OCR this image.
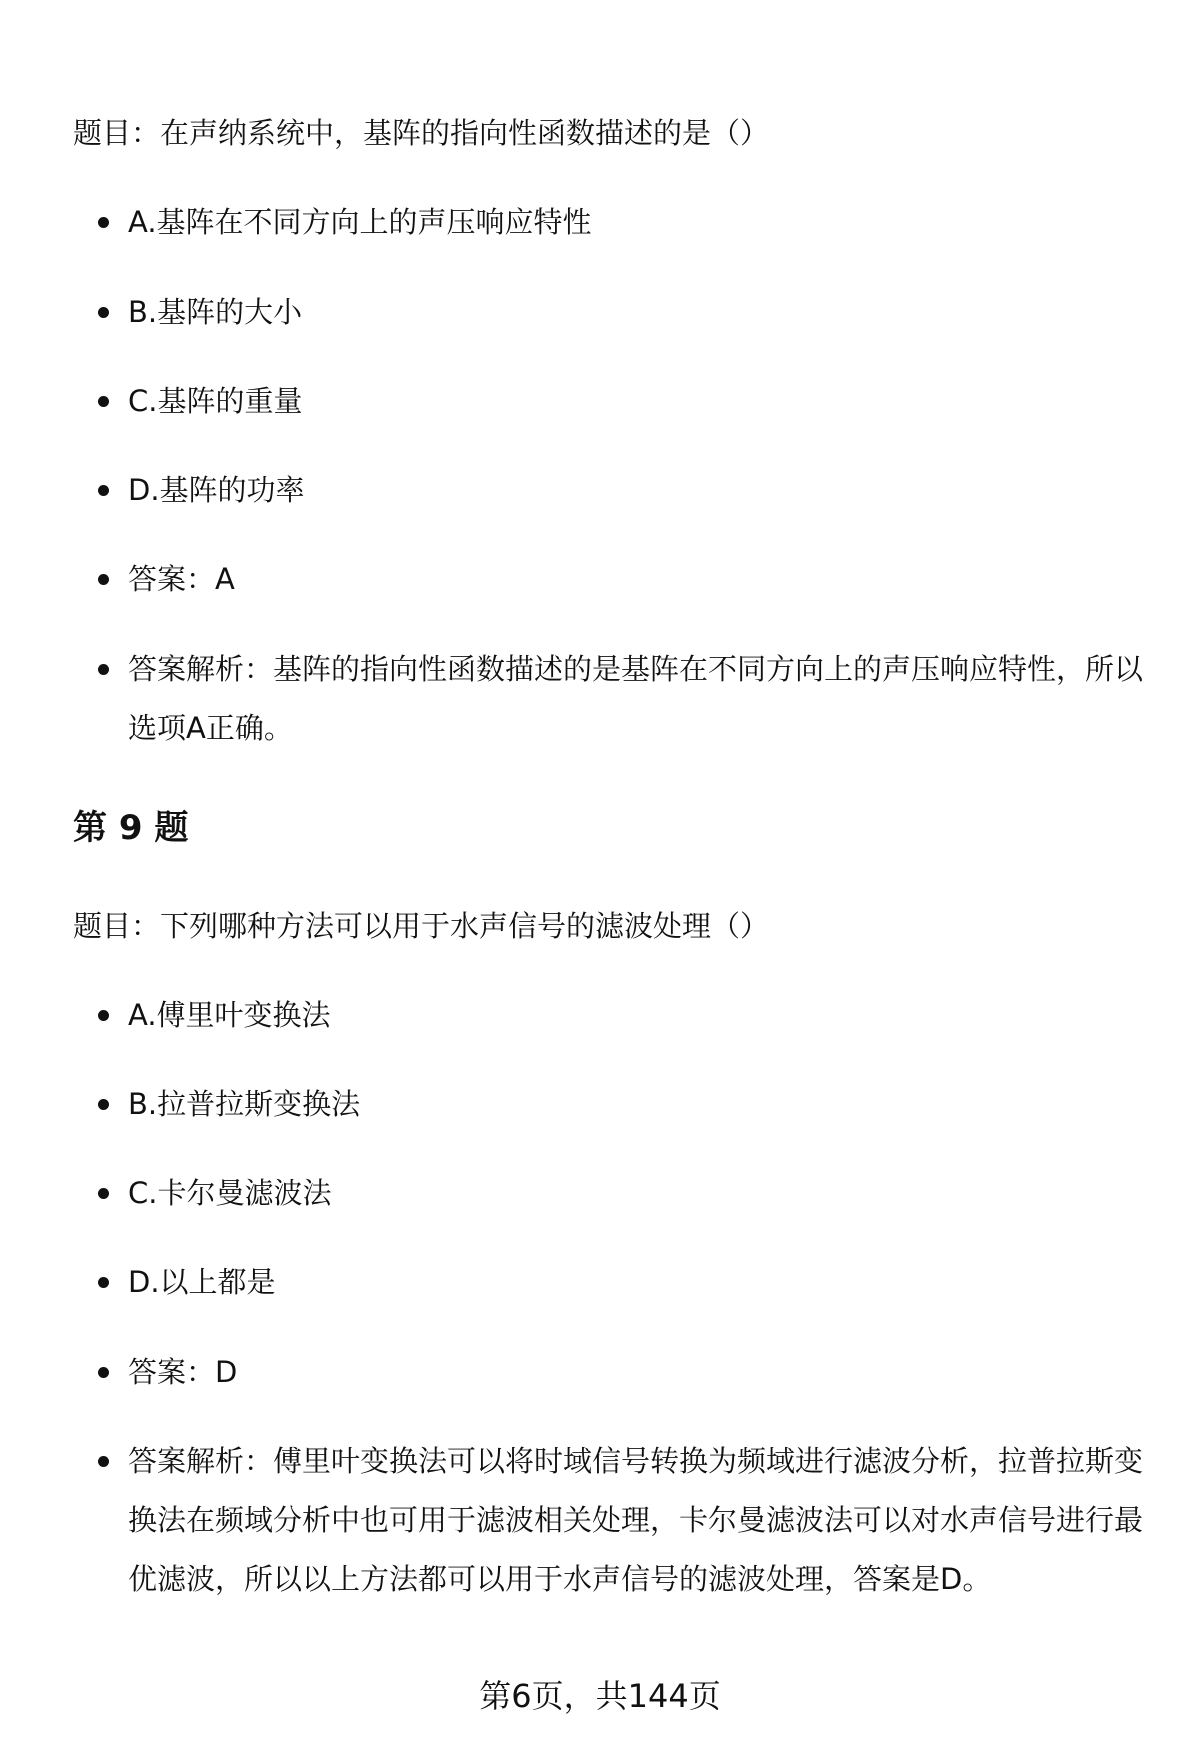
题目：在声纳系统中，基阵的指向性函数描述的是（）
A.基阵在不同方向上的声压响应特性
B.基阵的大小
C.基阵的重量
D.基阵的功率
答案：A
答案解析：基阵的指向性函数描述的是基阵在不同方向上的声压响应特性，所以选项A正确。
第 9 题
题目：下列哪种方法可以用于水声信号的滤波处理（）
A.傅里叶变换法
B.拉普拉斯变换法
C.卡尔曼滤波法
D.以上都是
答案：D
答案解析：傅里叶变换法可以将时域信号转换为频域进行滤波分析，拉普拉斯变换法在频域分析中也可用于滤波相关处理，卡尔曼滤波法可以对水声信号进行最优滤波，所以以上方法都可以用于水声信号的滤波处理，答案是D。
第6页，共144页
